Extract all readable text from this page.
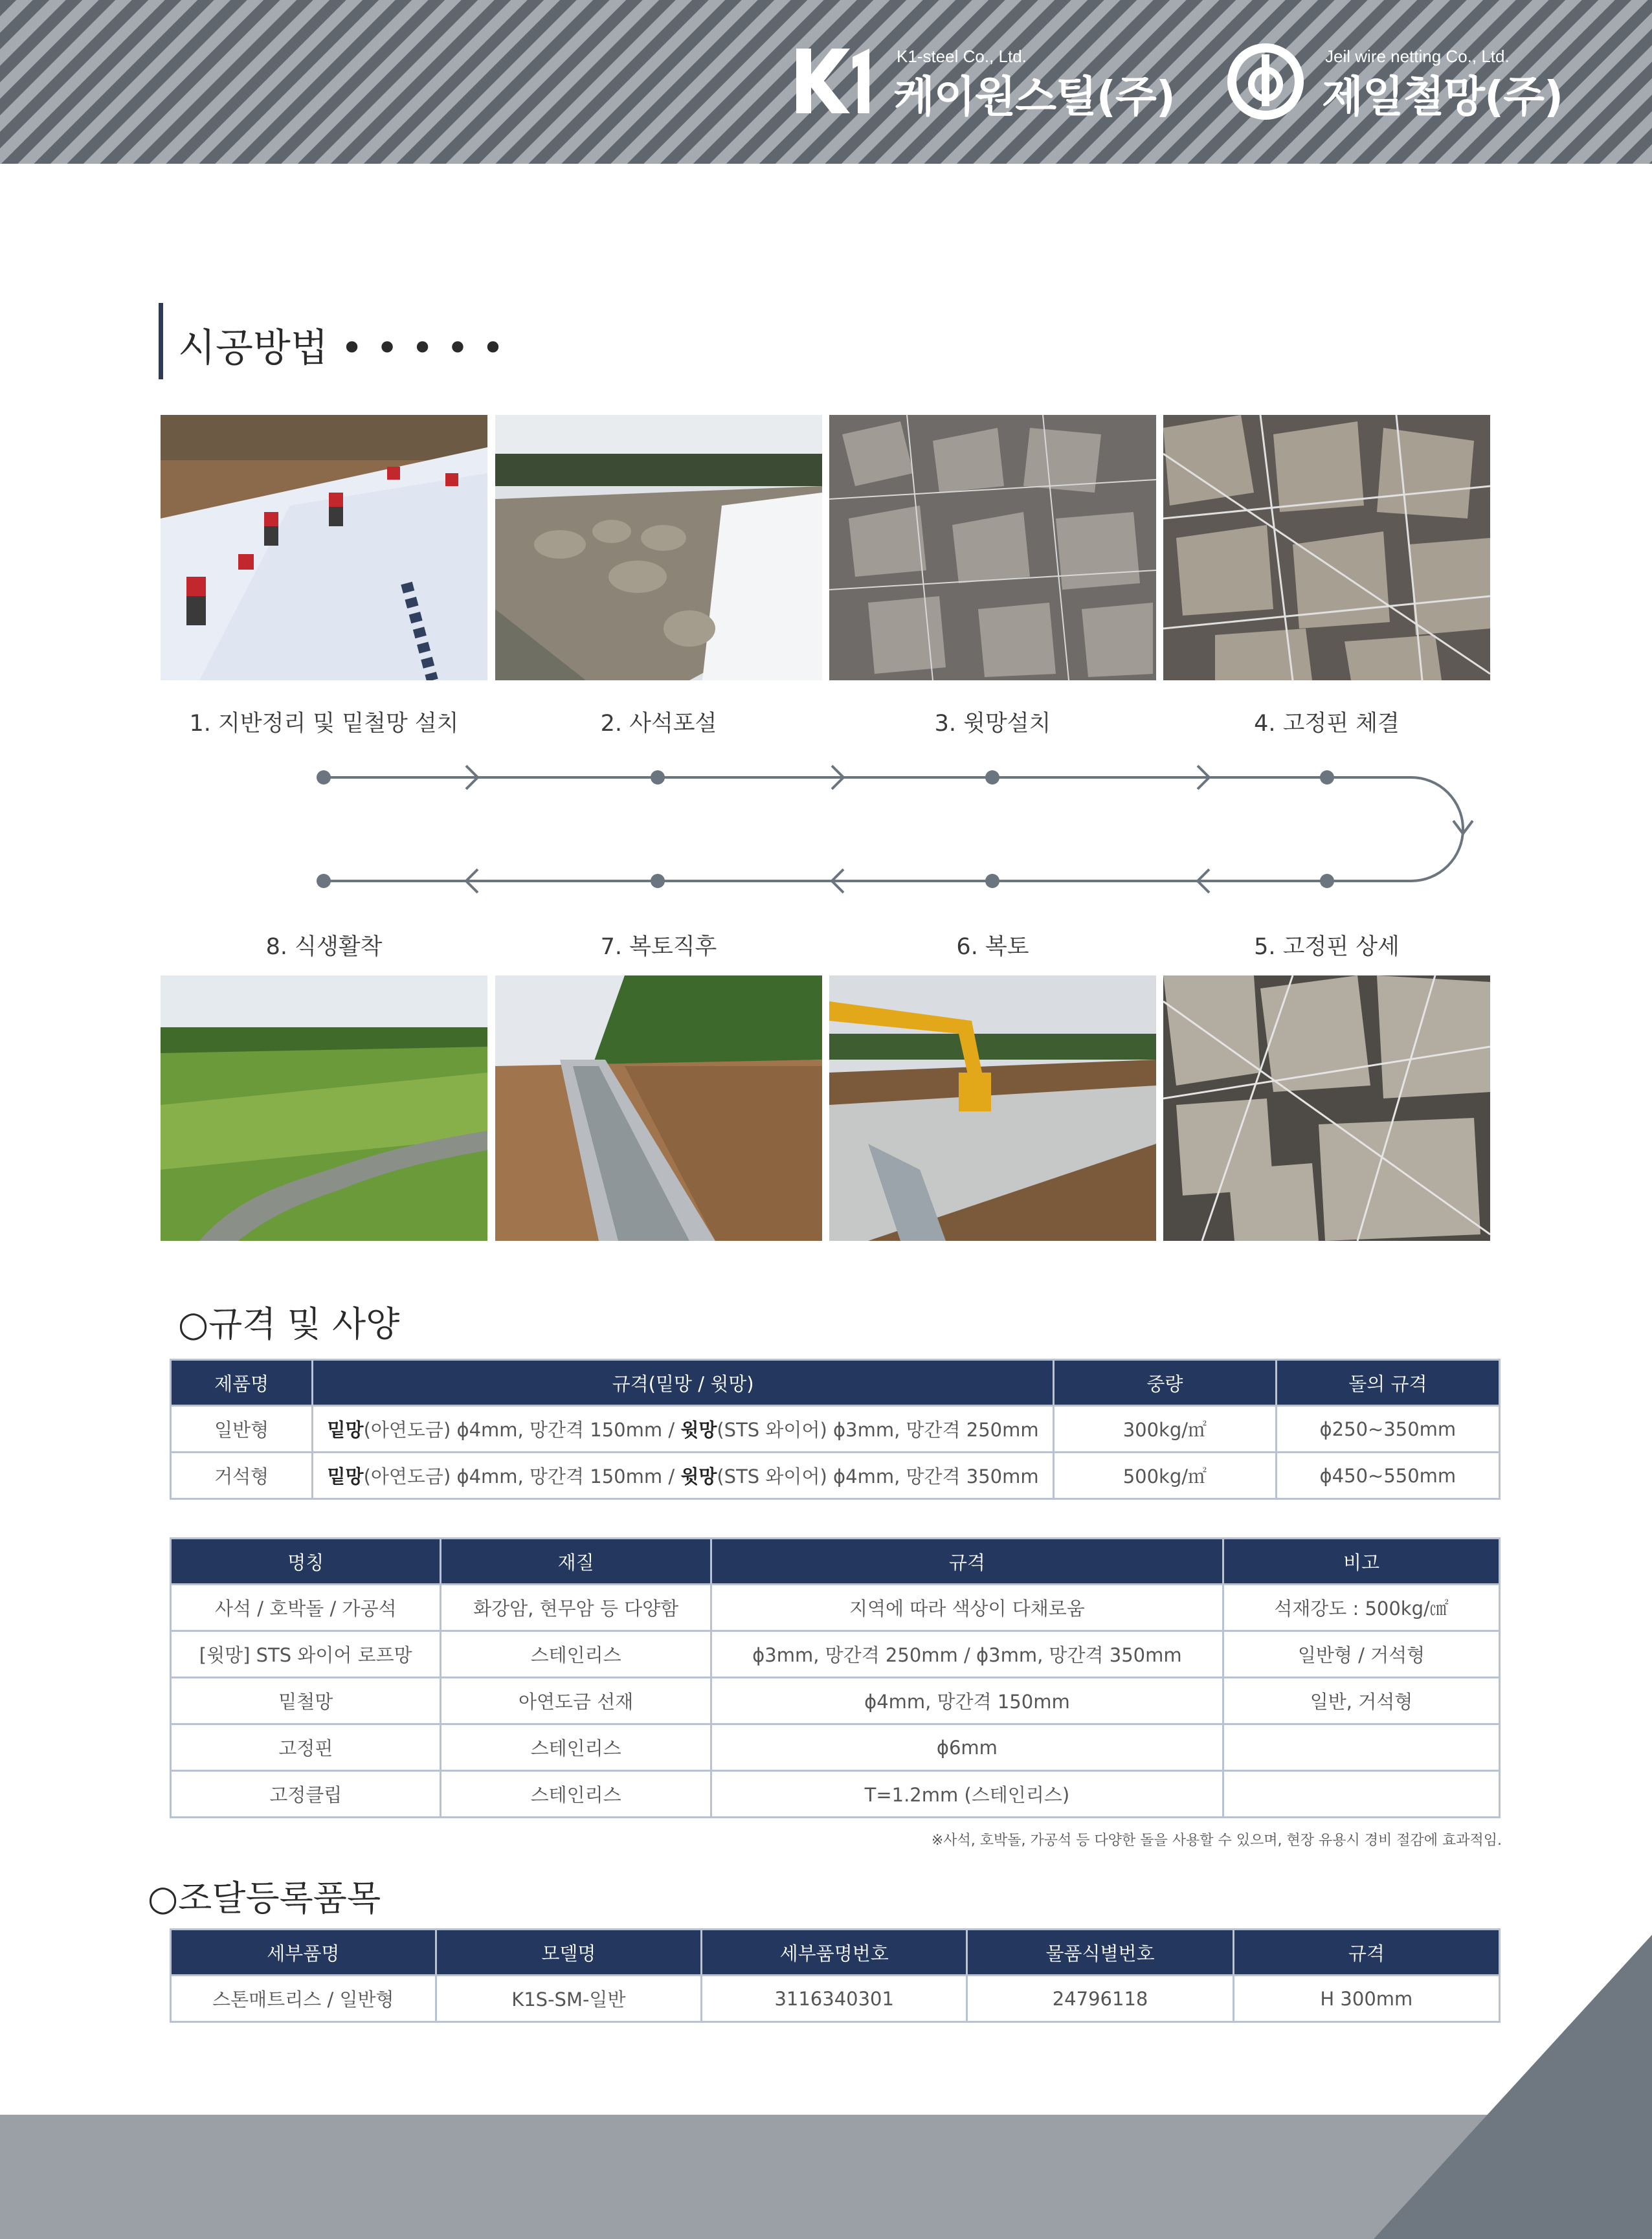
K1-steel Co., Ltd.
케이원스틸(주)
Jeil wire netting Co., Ltd.
제일철망(주)
시공방법 • • • • •
1. 지반정리 및 밑철망 설치	2. 사석포설	3. 윗망설치	4. 고정핀 체결
8. 식생활착	7. 복토직후	6. 복토	5. 고정핀 상세
○규격 및 사양
제품명	규격(밑망 / 윗망)	중량	돌의 규격
일반형	밑망(아연도금) ϕ4mm, 망간격 150mm / 윗망(STS 와이어) ϕ3mm, 망간격 250mm	300kg/㎡	ϕ250~350mm
거석형	밑망(아연도금) ϕ4mm, 망간격 150mm / 윗망(STS 와이어) ϕ4mm, 망간격 350mm	500kg/㎡	ϕ450~550mm
명칭	재질	규격	비고
사석 / 호박돌 / 가공석	화강암, 현무암 등 다양함	지역에 따라 색상이 다채로움	석재강도 : 500kg/㎠
[윗망] STS 와이어 로프망	스테인리스	ϕ3mm, 망간격 250mm / ϕ3mm, 망간격 350mm	일반형 / 거석형
밑철망	아연도금 선재	ϕ4mm, 망간격 150mm	일반, 거석형
고정핀	스테인리스	ϕ6mm	
고정클립	스테인리스	T=1.2mm (스테인리스)	
※사석, 호박돌, 가공석 등 다양한 돌을 사용할 수 있으며, 현장 유용시 경비 절감에 효과적임.
○조달등록품목
세부품명	모델명	세부품명번호	물품식별번호	규격
스톤매트리스 / 일반형	K1S-SM-일반	3116340301	24796118	H 300mm
